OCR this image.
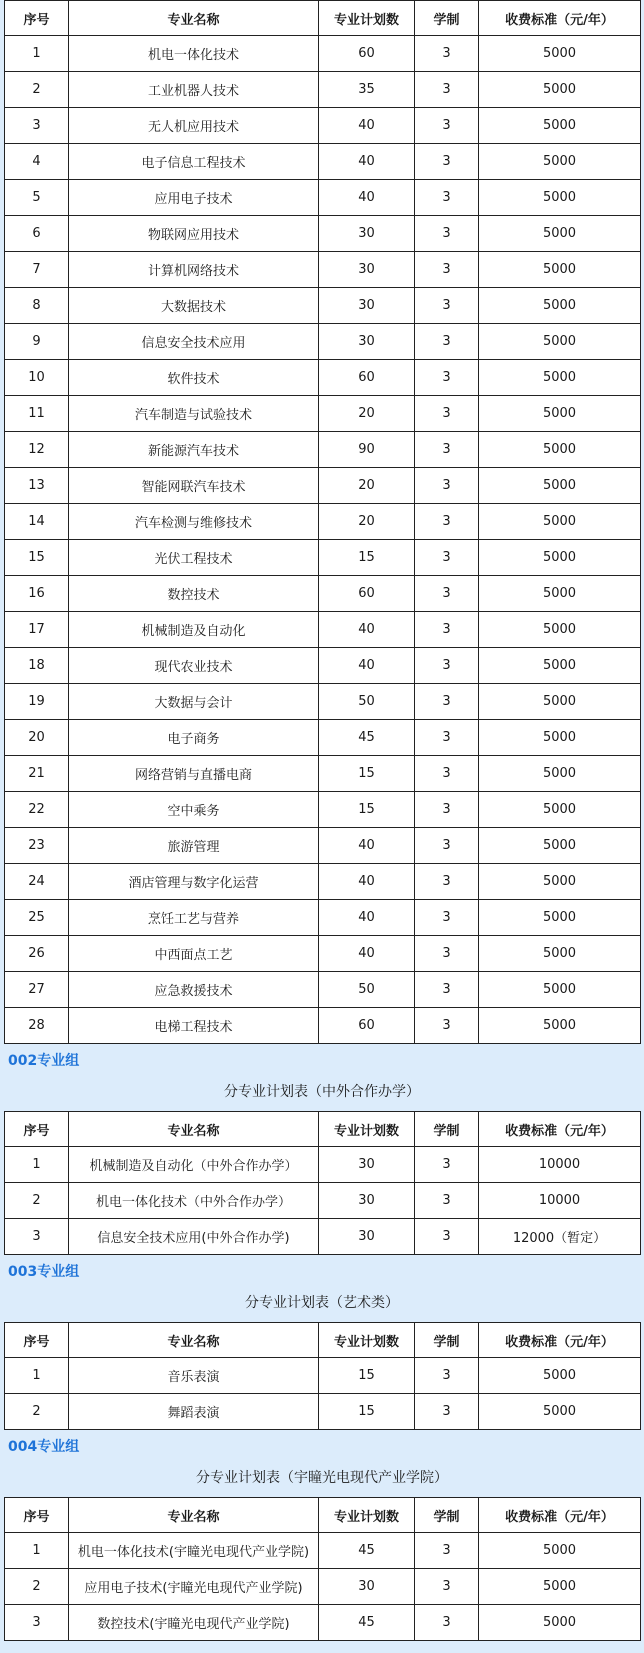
序号	专业名称	专业计划数	学制	收费标准（元/年）
1	机电一体化技术	60	3	5000
2	工业机器人技术	35	3	5000
3	无人机应用技术	40	3	5000
4	电子信息工程技术	40	3	5000
5	应用电子技术	40	3	5000
6	物联网应用技术	30	3	5000
7	计算机网络技术	30	3	5000
8	大数据技术	30	3	5000
9	信息安全技术应用	30	3	5000
10	软件技术	60	3	5000
11	汽车制造与试验技术	20	3	5000
12	新能源汽车技术	90	3	5000
13	智能网联汽车技术	20	3	5000
14	汽车检测与维修技术	20	3	5000
15	光伏工程技术	15	3	5000
16	数控技术	60	3	5000
17	机械制造及自动化	40	3	5000
18	现代农业技术	40	3	5000
19	大数据与会计	50	3	5000
20	电子商务	45	3	5000
21	网络营销与直播电商	15	3	5000
22	空中乘务	15	3	5000
23	旅游管理	40	3	5000
24	酒店管理与数字化运营	40	3	5000
25	烹饪工艺与营养	40	3	5000
26	中西面点工艺	40	3	5000
27	应急救援技术	50	3	5000
28	电梯工程技术	60	3	5000
002专业组
分专业计划表（中外合作办学）
序号	专业名称	专业计划数	学制	收费标准（元/年）
1	机械制造及自动化（中外合作办学）	30	3	10000
2	机电一体化技术（中外合作办学）	30	3	10000
3	信息安全技术应用(中外合作办学)	30	3	12000（暂定）
003专业组
分专业计划表（艺术类）
序号	专业名称	专业计划数	学制	收费标准（元/年）
1	音乐表演	15	3	5000
2	舞蹈表演	15	3	5000
004专业组
分专业计划表（宇瞳光电现代产业学院）
序号	专业名称	专业计划数	学制	收费标准（元/年）
1	机电一体化技术(宇瞳光电现代产业学院)	45	3	5000
2	应用电子技术(宇瞳光电现代产业学院)	30	3	5000
3	数控技术(宇瞳光电现代产业学院)	45	3	5000
